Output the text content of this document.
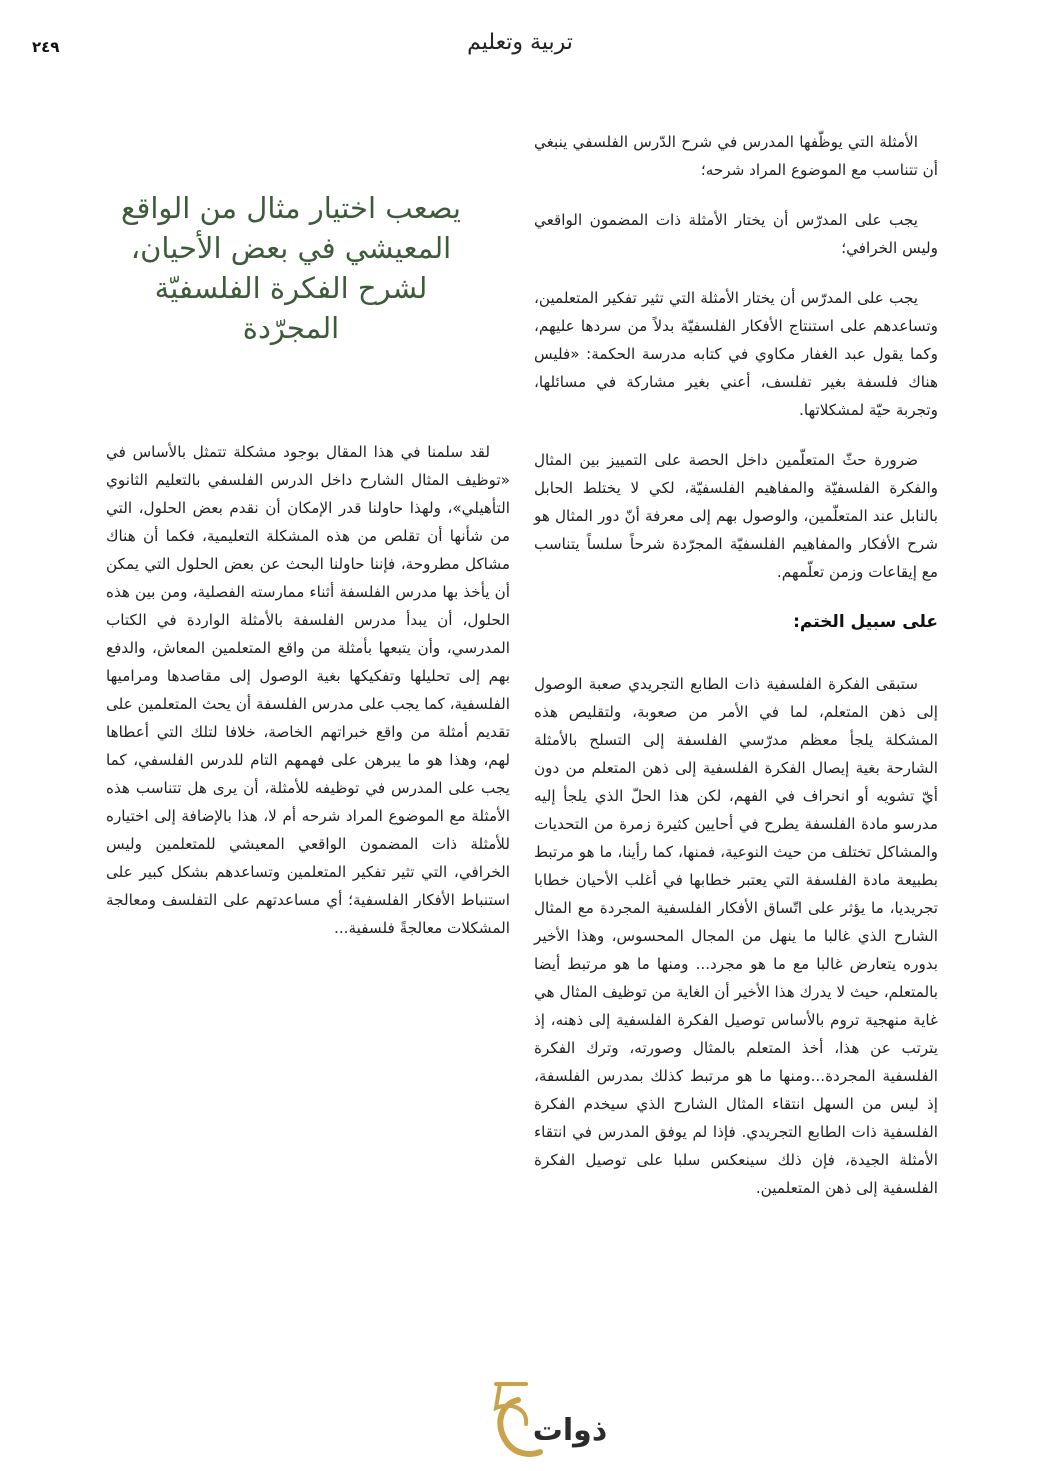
تربية وتعليم
٢٤٩

الأمثلة التي يوظّفها المدرس في شرح الدّرس الفلسفي ينبغي أن تتناسب مع الموضوع المراد شرحه؛

يجب على المدرّس أن يختار الأمثلة ذات المضمون الواقعي وليس الخرافي؛

يجب على المدرّس أن يختار الأمثلة التي تثير تفكير المتعلمين، وتساعدهم على استنتاج الأفكار الفلسفيّة بدلاً من سردها عليهم، وكما يقول عبد الغفار مكاوي في كتابه مدرسة الحكمة: «فليس هناك فلسفة بغير تفلسف، أعني بغير مشاركة في مسائلها، وتجربة حيّة لمشكلاتها.

ضرورة حثّ المتعلّمين داخل الحصة على التمييز بين المثال والفكرة الفلسفيّة والمفاهيم الفلسفيّة، لكي لا يختلط الحابل بالنابل عند المتعلّمين، والوصول بهم إلى معرفة أنّ دور المثال هو شرح الأفكار والمفاهيم الفلسفيّة المجرّدة شرحاً سلساً يتناسب مع إيقاعات وزمن تعلّمهم.

على سبيل الختم:

ستبقى الفكرة الفلسفية ذات الطابع التجريدي صعبة الوصول إلى ذهن المتعلم، لما في الأمر من صعوبة، ولتقليص هذه المشكلة يلجأ معظم مدرّسي الفلسفة إلى التسلح بالأمثلة الشارحة بغية إيصال الفكرة الفلسفية إلى ذهن المتعلم من دون أيّ تشويه أو انحراف في الفهم، لكن هذا الحلّ الذي يلجأ إليه مدرسو مادة الفلسفة يطرح في أحايين كثيرة زمرة من التحديات والمشاكل تختلف من حيث النوعية، فمنها، كما رأينا، ما هو مرتبط بطبيعة مادة الفلسفة التي يعتبر خطابها في أغلب الأحيان خطابا تجريديا، ما يؤثر على اتّساق الأفكار الفلسفية المجردة مع المثال الشارح الذي غالبا ما ينهل من المجال المحسوس، وهذا الأخير بدوره يتعارض غالبا مع ما هو مجرد... ومنها ما هو مرتبط أيضا بالمتعلم، حيث لا يدرك هذا الأخير أن الغاية من توظيف المثال هي غاية منهجية تروم بالأساس توصيل الفكرة الفلسفية إلى ذهنه، إذ يترتب عن هذا، أخذ المتعلم بالمثال وصورته، وترك الفكرة الفلسفية المجردة...ومنها ما هو مرتبط كذلك بمدرس الفلسفة، إذ ليس من السهل انتقاء المثال الشارح الذي سيخدم الفكرة الفلسفية ذات الطابع التجريدي. فإذا لم يوفق المدرس في انتقاء الأمثلة الجيدة، فإن ذلك سينعكس سلبا على توصيل الفكرة الفلسفية إلى ذهن المتعلمين.

يصعب اختيار مثال من الواقع المعيشي في بعض الأحيان، لشرح الفكرة الفلسفيّة المجرّدة

لقد سلمنا في هذا المقال بوجود مشكلة تتمثل بالأساس في «توظيف المثال الشارح داخل الدرس الفلسفي بالتعليم الثانوي التأهيلي»، ولهذا حاولنا قدر الإمكان أن نقدم بعض الحلول، التي من شأنها أن تقلص من هذه المشكلة التعليمية، فكما أن هناك مشاكل مطروحة، فإننا حاولنا البحث عن بعض الحلول التي يمكن أن يأخذ بها مدرس الفلسفة أثناء ممارسته الفصلية، ومن بين هذه الحلول، أن يبدأ مدرس الفلسفة بالأمثلة الواردة في الكتاب المدرسي، وأن يتبعها بأمثلة من واقع المتعلمين المعاش، والدفع بهم إلى تحليلها وتفكيكها بغية الوصول إلى مقاصدها ومراميها الفلسفية، كما يجب على مدرس الفلسفة أن يحث المتعلمين على تقديم أمثلة من واقع خبراتهم الخاصة، خلافا لتلك التي أعطاها لهم، وهذا هو ما يبرهن على فهمهم التام للدرس الفلسفي، كما يجب على المدرس في توظيفه للأمثلة، أن يرى هل تتناسب هذه الأمثلة مع الموضوع المراد شرحه أم لا، هذا بالإضافة إلى اختياره للأمثلة ذات المضمون الواقعي المعيشي للمتعلمين وليس الخرافي، التي تثير تفكير المتعلمين وتساعدهم بشكل كبير على استنباط الأفكار الفلسفية؛ أي مساعدتهم على التفلسف ومعالجة المشكلات معالجةً فلسفية...

ذوات
